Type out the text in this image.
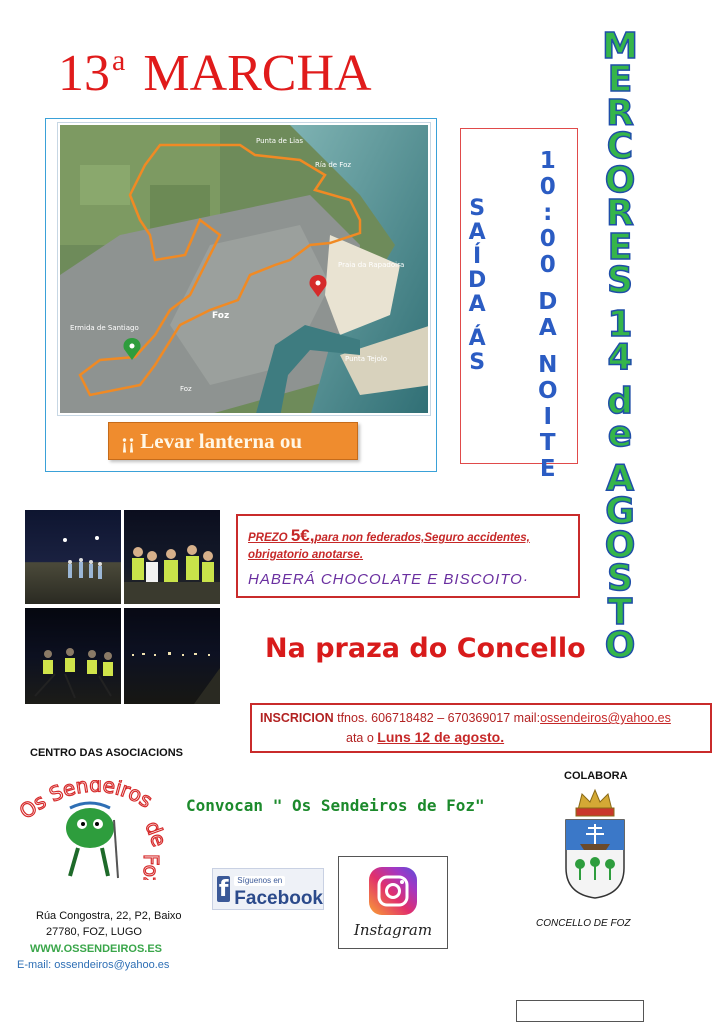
13$^a$ MARCHA
Punta de Lias
Ría de Foz
Praia da Rapadoira
Foz
Ermida de Santiago
Punta Tejolo
Foz
¡¡ Levar lanterna ou
S
A
Í
D
A
Á
S
1
0
:
0
0
D
A
N
O
I
T
E
M
E
R
C
O
R
E
S
1
4
d
e
A
G
O
S
T
O
PREZO 5€,para non federados,Seguro accidentes,
obrigatorio anotarse.
HABERÁ CHOCOLATE E BISCOITO·
Na praza do Concello
INSCRICION tfnos. 606718482 – 670369017 mail:ossendeiros@yahoo.es
ata o Luns 12 de agosto.
CENTRO DAS ASOCIACIONS
s Sendeiros
de
Foz
Rúa Congostra, 22, P2, Baixo
27780, FOZ, LUGO
WWW.OSSENDEIROS.ES
E-mail: ossendeiros@yahoo.es
Convocan " Os Sendeiros de Foz"
f	Síguenos en
Facebook
Instagram
COLABORA
CONCELLO DE FOZ
